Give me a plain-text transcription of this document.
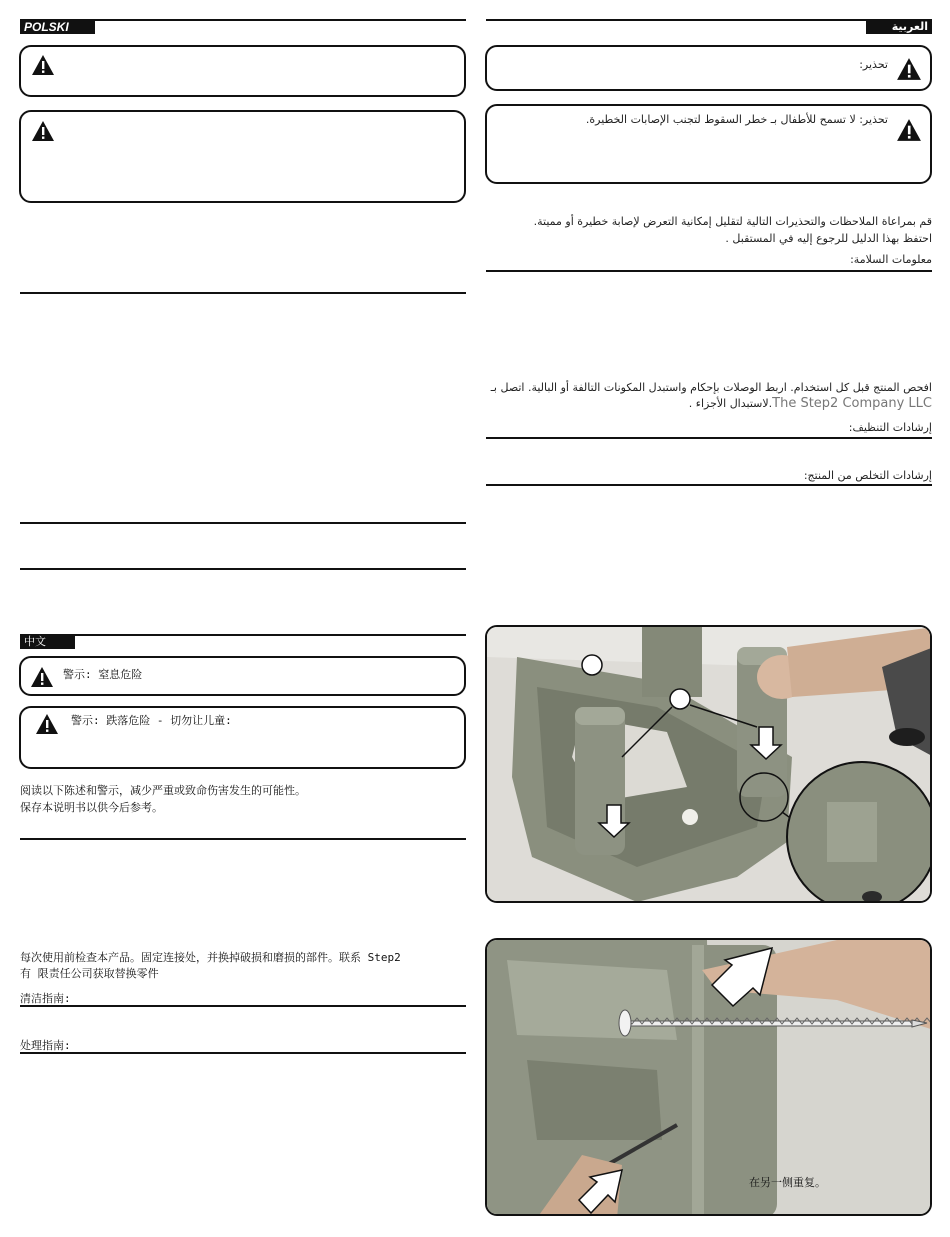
POLSKI
中文
警示: 窒息危险
警示: 跌落危险 - 切勿让儿童:
阅读以下陈述和警示，减少严重或致命伤害发生的可能性。
保存本说明书以供今后参考。
每次使用前检查本产品。固定连接处，并换掉破损和磨损的部件。联系 Step2
有 限责任公司获取替换零件
清洁指南:
处理指南:
العربية
تحذير:
تحذير: لا تسمح للأطفال بـ خطر السقوط لتجنب الإصابات الخطيرة.
قم بمراعاة الملاحظات والتحذيرات التالية لتقليل إمكانية التعرض لإصابة خطيرة أو مميتة.
احتفظ بهذا الدليل للرجوع إليه في المستقبل .
معلومات السلامة:
افحص المنتج قبل كل استخدام. اربط الوصلات بإحكام واستبدل المكونات التالفة أو البالية. اتصل بـ
. لاستبدال الأجزاء.The Step2 Company LLC
إرشادات التنظيف:
إرشادات التخلص من المنتج:
在另一侧重复。
